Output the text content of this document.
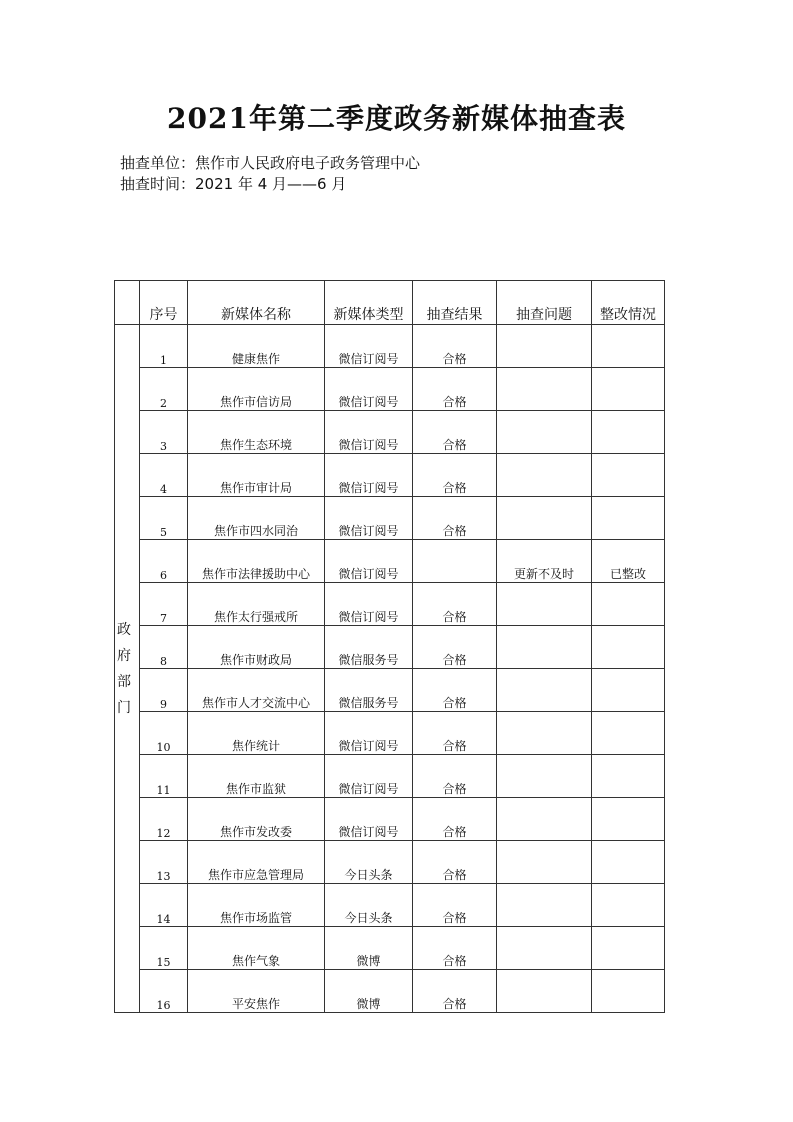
2021年第二季度政务新媒体抽查表
抽查单位：焦作市人民政府电子政务管理中心
抽查时间：2021 年 4 月——6 月
	序号	新媒体名称	新媒体类型	抽查结果	抽查问题	整改情况

政
府
部
门	1	健康焦作	微信订阅号	合格		
	2	焦作市信访局	微信订阅号	合格		
	3	焦作生态环境	微信订阅号	合格		
	4	焦作市审计局	微信订阅号	合格		
	5	焦作市四水同治	微信订阅号	合格		
	6	焦作市法律援助中心	微信订阅号		更新不及时	已整改
	7	焦作太行强戒所	微信订阅号	合格		
	8	焦作市财政局	微信服务号	合格		
	9	焦作市人才交流中心	微信服务号	合格		
	10	焦作统计	微信订阅号	合格		
	11	焦作市监狱	微信订阅号	合格		
	12	焦作市发改委	微信订阅号	合格		
	13	焦作市应急管理局	今日头条	合格		
	14	焦作市场监管	今日头条	合格		
	15	焦作气象	微博	合格		
	16	平安焦作	微博	合格		
